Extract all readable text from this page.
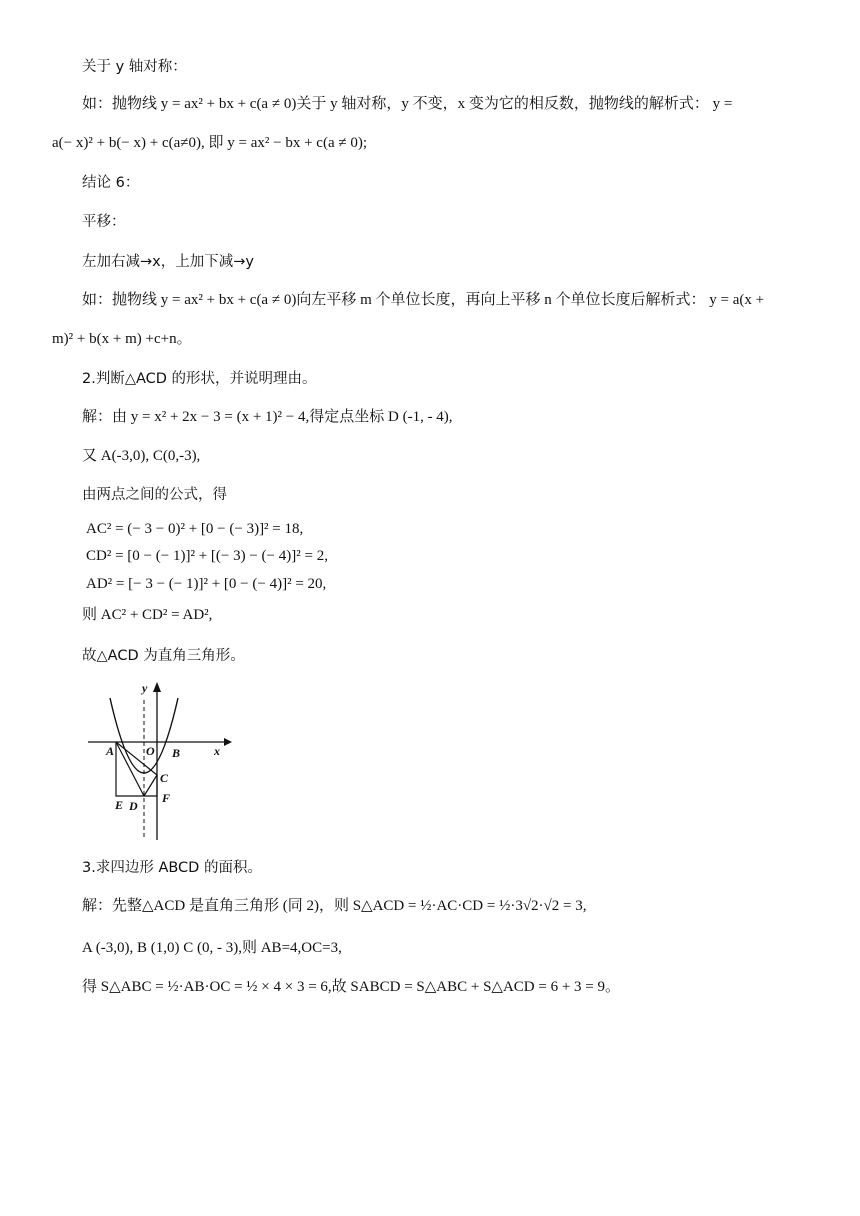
关于 y 轴对称：
如：抛物线 y = ax² + bx + c(a ≠ 0)关于 y 轴对称，y 不变，x 变为它的相反数，抛物线的解析式： y =
a(− x)² + b(− x) + c(a≠0), 即 y = ax² − bx + c(a ≠ 0);
结论 6：
平移：
左加右减→x，上加下减→y
如：抛物线 y = ax² + bx + c(a ≠ 0)向左平移 m 个单位长度，再向上平移 n 个单位长度后解析式： y = a(x +
m)² + b(x + m) +c+n。
2.判断△ACD 的形状，并说明理由。
解：由 y = x² + 2x − 3 = (x + 1)² − 4,得定点坐标 D (-1, - 4),
又 A(-3,0), C(0,-3),
由两点之间的公式，得
AC² = (− 3 − 0)² + [0 − (− 3)]² = 18,
CD² = [0 − (− 1)]² + [(− 3) − (− 4)]² = 2,
AD² = [− 3 − (− 1)]² + [0 − (− 4)]² = 20,
则 AC² + CD² = AD²,
故△ACD 为直角三角形。
y
x
O
A	B
C
D
E	F
3.求四边形 ABCD 的面积。
解：先整△ACD 是直角三角形 (同 2)，则 S△ACD = ½·AC·CD = ½·3√2·√2 = 3,
A (-3,0), B (1,0) C (0, - 3),则 AB=4,OC=3,
得 S△ABC = ½·AB·OC = ½ × 4 × 3 = 6,故 SABCD = S△ABC + S△ACD = 6 + 3 = 9。
